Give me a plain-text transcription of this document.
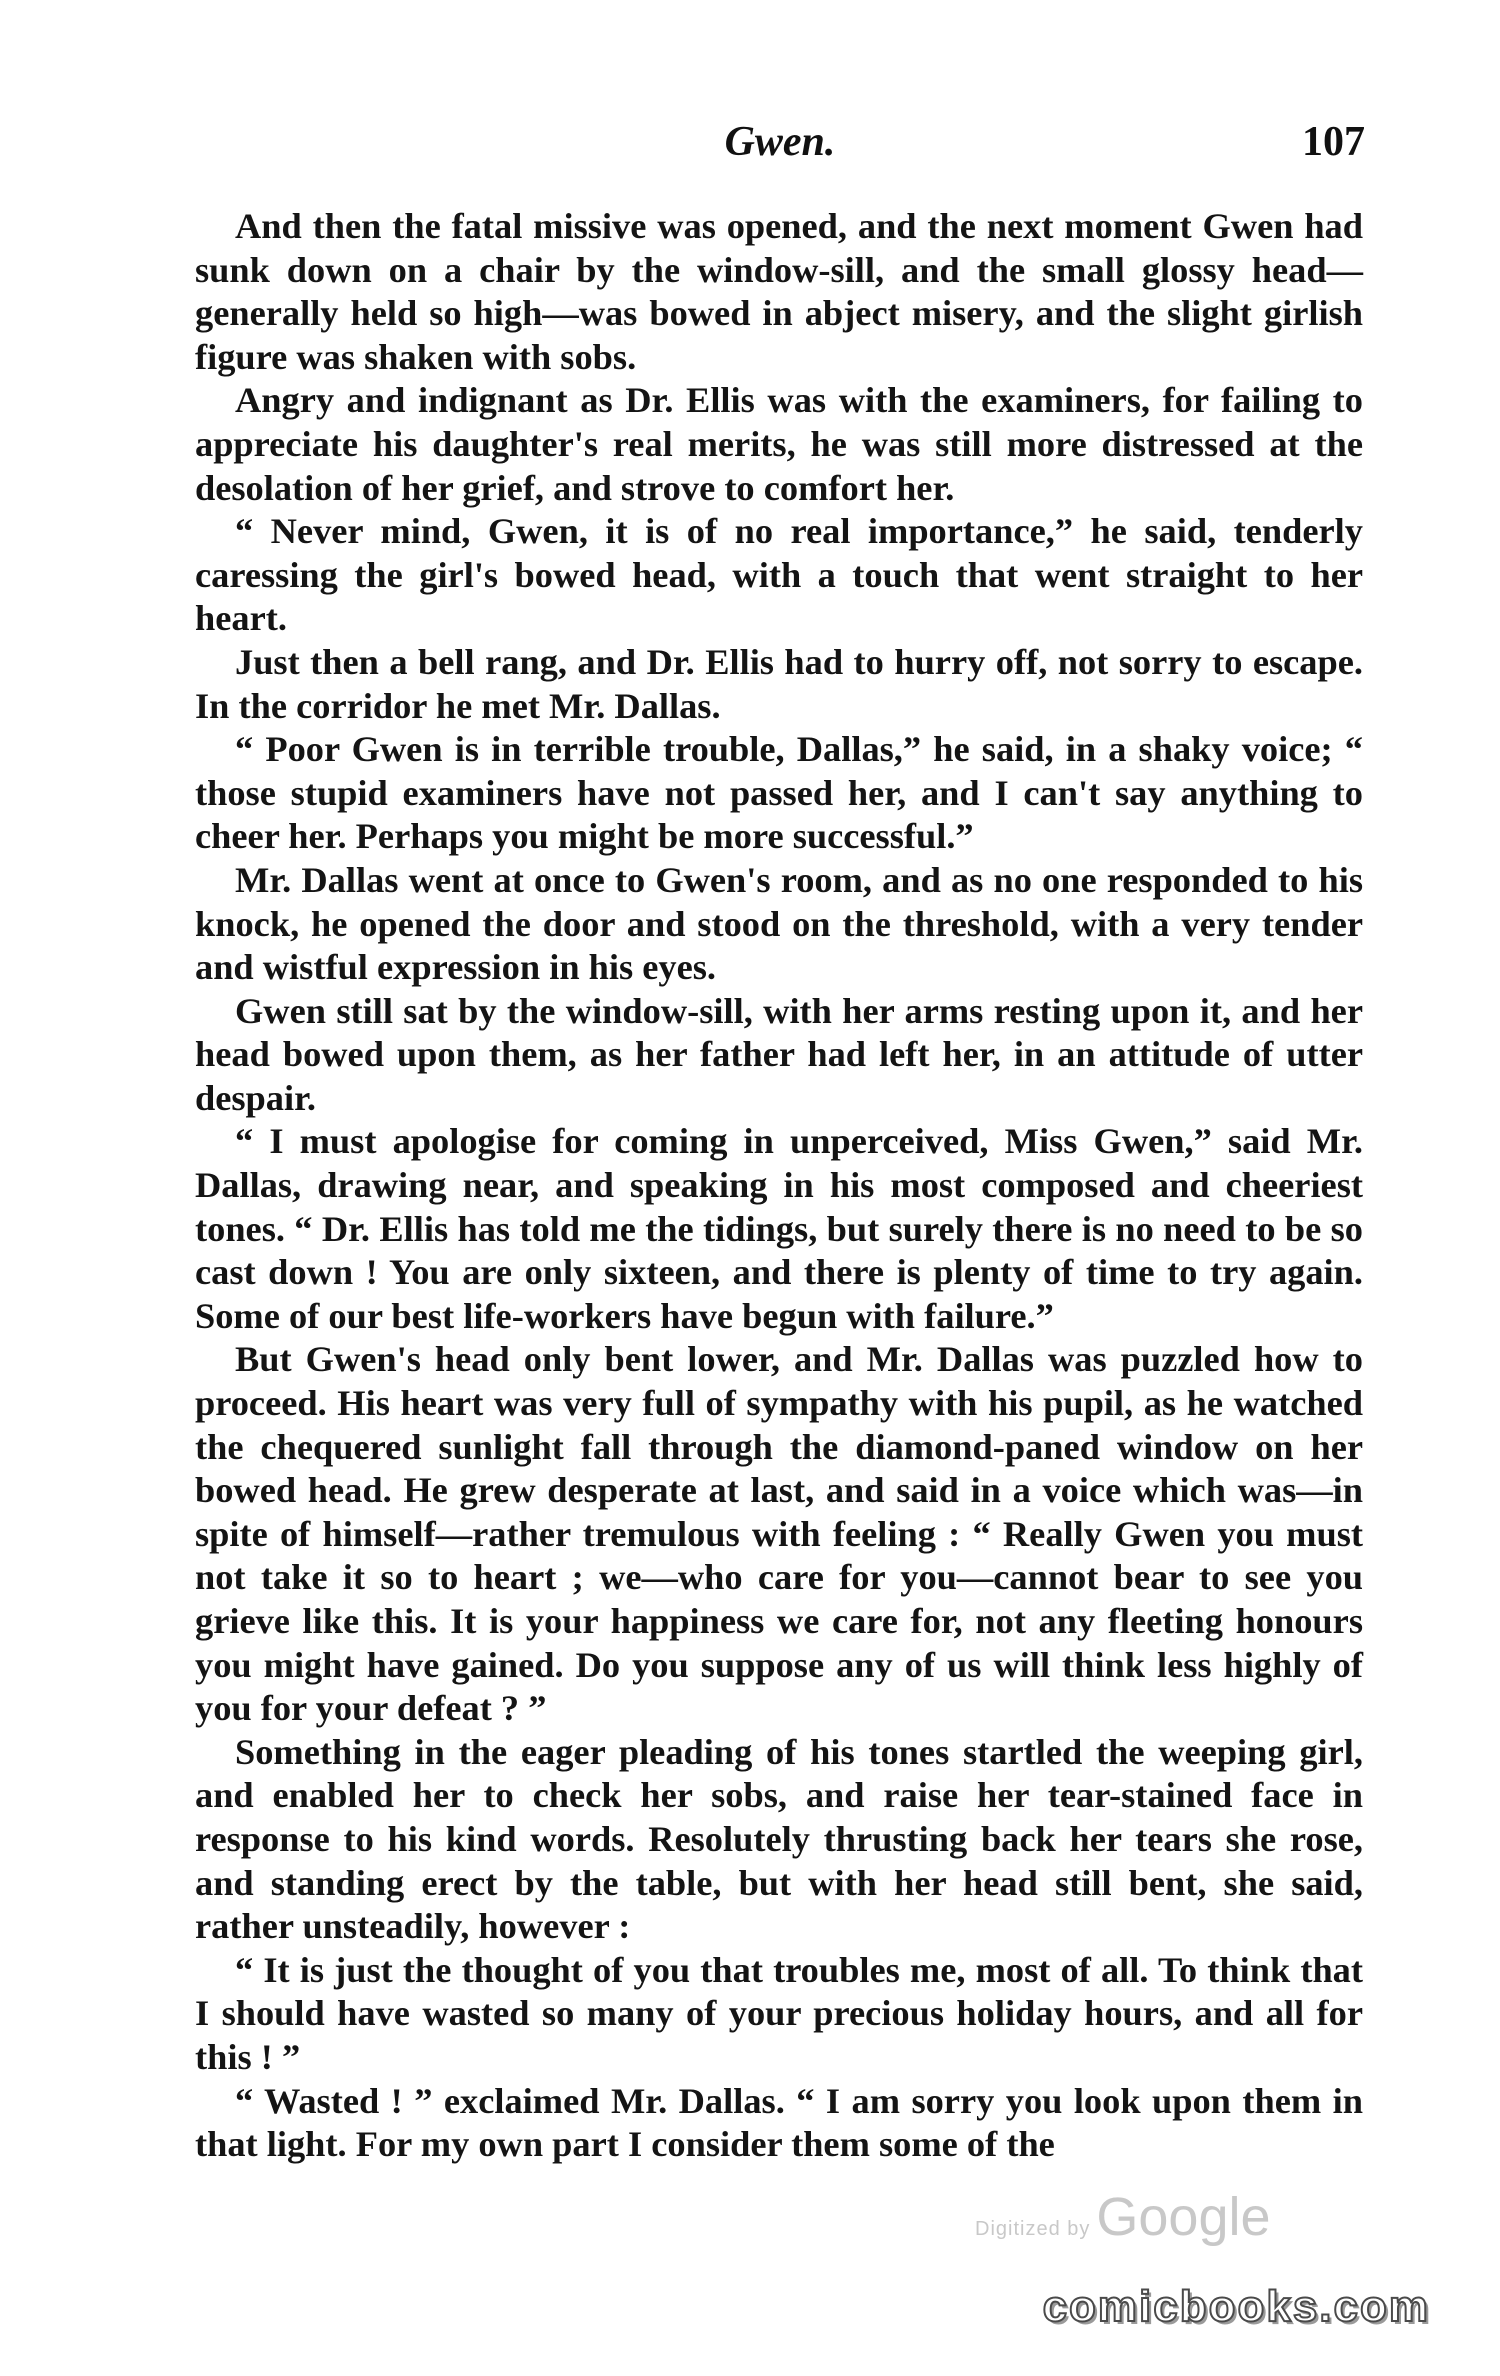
Gwen.	107

And then the fatal missive was opened, and the next moment Gwen had sunk down on a chair by the window-sill, and the small glossy head—generally held so high—was bowed in abject misery, and the slight girlish figure was shaken with sobs.

Angry and indignant as Dr. Ellis was with the examiners, for failing to appreciate his daughter's real merits, he was still more distressed at the desolation of her grief, and strove to comfort her.

“ Never mind, Gwen, it is of no real importance,” he said, tenderly caressing the girl's bowed head, with a touch that went straight to her heart.

Just then a bell rang, and Dr. Ellis had to hurry off, not sorry to escape. In the corridor he met Mr. Dallas.

“ Poor Gwen is in terrible trouble, Dallas,” he said, in a shaky voice; “ those stupid examiners have not passed her, and I can't say anything to cheer her. Perhaps you might be more successful.”

Mr. Dallas went at once to Gwen's room, and as no one responded to his knock, he opened the door and stood on the threshold, with a very tender and wistful expression in his eyes.

Gwen still sat by the window-sill, with her arms resting upon it, and her head bowed upon them, as her father had left her, in an attitude of utter despair.

“ I must apologise for coming in unperceived, Miss Gwen,” said Mr. Dallas, drawing near, and speaking in his most composed and cheeriest tones. “ Dr. Ellis has told me the tidings, but surely there is no need to be so cast down ! You are only sixteen, and there is plenty of time to try again. Some of our best life-workers have begun with failure.”

But Gwen's head only bent lower, and Mr. Dallas was puzzled how to proceed. His heart was very full of sympathy with his pupil, as he watched the chequered sunlight fall through the diamond-paned window on her bowed head. He grew desperate at last, and said in a voice which was—in spite of himself—rather tremulous with feeling : “ Really Gwen you must not take it so to heart ; we—who care for you—cannot bear to see you grieve like this. It is your happiness we care for, not any fleeting honours you might have gained. Do you suppose any of us will think less highly of you for your defeat ? ”

Something in the eager pleading of his tones startled the weeping girl, and enabled her to check her sobs, and raise her tear-stained face in response to his kind words. Resolutely thrusting back her tears she rose, and standing erect by the table, but with her head still bent, she said, rather unsteadily, however :

“ It is just the thought of you that troubles me, most of all. To think that I should have wasted so many of your precious holiday hours, and all for this ! ”

“ Wasted ! ” exclaimed Mr. Dallas. “ I am sorry you look upon them in that light. For my own part I consider them some of the

Digitized by Google
comicbooks.com
